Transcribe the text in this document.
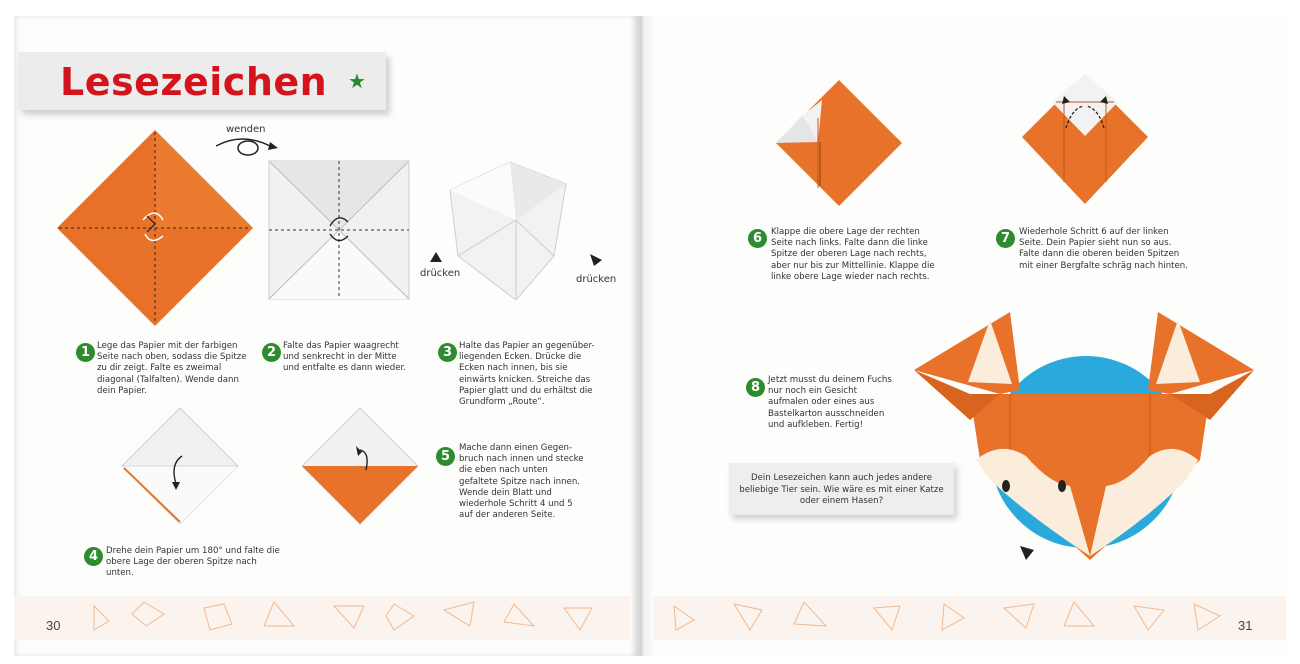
Lesezeichen ★
wenden
drücken
drücken
1 Lege das Papier mit der farbigen Seite nach oben, sodass die Spitze zu dir zeigt. Falte es zweimal diagonal (Talfalten). Wende dann dein Papier.
2 Falte das Papier waagrecht und senkrecht in der Mitte und entfalte es dann wieder.
3 Halte das Papier an gegenüber-liegenden Ecken. Drücke die Ecken nach innen, bis sie einwärts knicken. Streiche das Papier glatt und du erhältst die Grundform „Route“.
5
Mache dann einen Gegen-bruch nach innen und stecke die eben nach unten gefaltete Spitze nach innen. Wende dein Blatt und wiederhole Schritt 4 und 5 auf der anderen Seite.
4 Drehe dein Papier um 180° und falte die obere Lage der oberen Spitze nach unten.
6	Klappe die obere Lage der rechten Seite nach links. Falte dann die linke Spitze der oberen Lage nach rechts, aber nur bis zur Mittellinie. Klappe die linke obere Lage wieder nach rechts.
7	Wiederhole Schritt 6 auf der linken Seite. Dein Papier sieht nun so aus. Falte dann die oberen beiden Spitzen mit einer Bergfalte schräg nach hinten.
8 Jetzt musst du deinem Fuchs nur noch ein Gesicht aufmalen oder eines aus Bastelkarton ausschneiden und aufkleben. Fertig!
Dein Lesezeichen kann auch jedes andere beliebige Tier sein. Wie wäre es mit einer Katze oder einem Hasen?
30	31
